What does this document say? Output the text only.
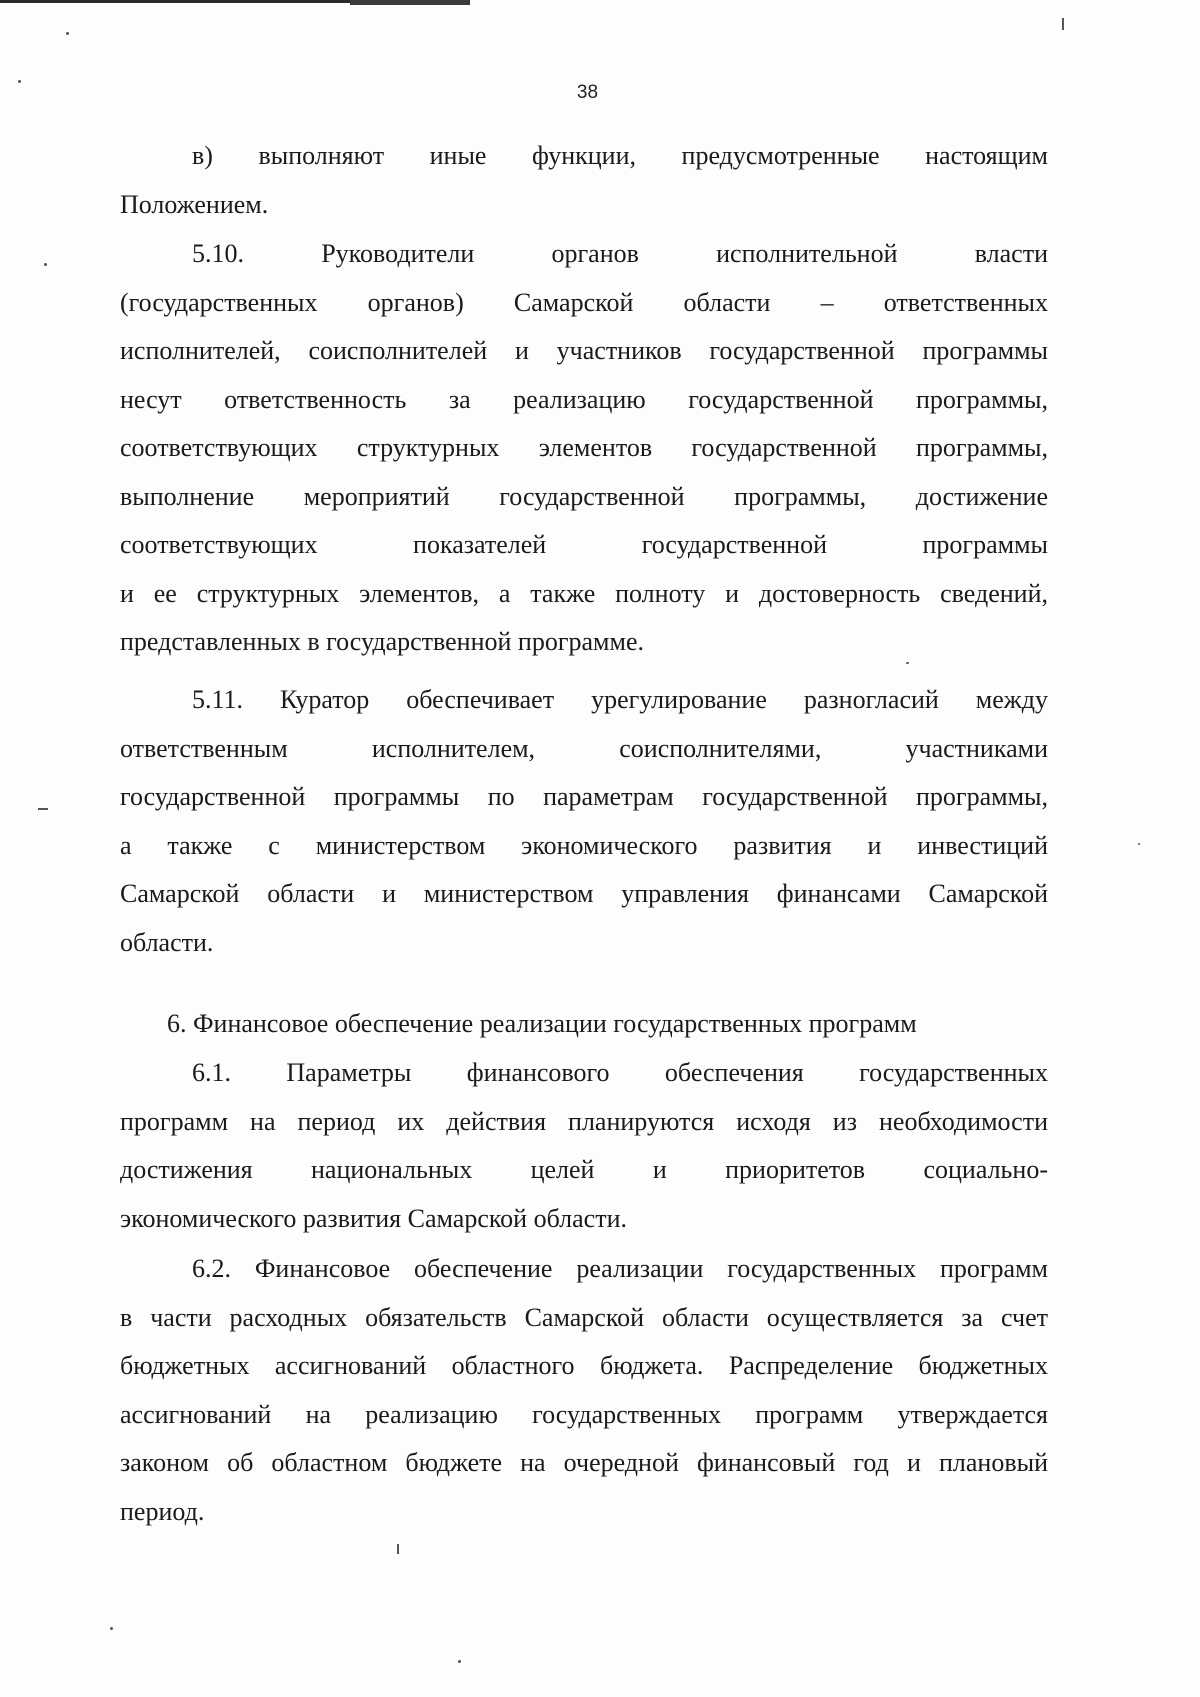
38
в) выполняют иные функции, предусмотренные настоящим
Положением.
5.10. Руководители органов исполнительной власти
(государственных органов) Самарской области – ответственных
исполнителей, соисполнителей и участников государственной программы
несут ответственность за реализацию государственной программы,
соответствующих структурных элементов государственной программы,
выполнение мероприятий государственной программы, достижение
соответствующих показателей государственной программы
и ее структурных элементов, а также полноту и достоверность сведений,
представленных в государственной программе.
5.11. Куратор обеспечивает урегулирование разногласий между
ответственным исполнителем, соисполнителями, участниками
государственной программы по параметрам государственной программы,
а также с министерством экономического развития и инвестиций
Самарской области и министерством управления финансами Самарской
области.
6. Финансовое обеспечение реализации государственных программ
6.1. Параметры финансового обеспечения государственных
программ на период их действия планируются исходя из необходимости
достижения национальных целей и приоритетов социально-
экономического развития Самарской области.
6.2. Финансовое обеспечение реализации государственных программ
в части расходных обязательств Самарской области осуществляется за счет
бюджетных ассигнований областного бюджета. Распределение бюджетных
ассигнований на реализацию государственных программ утверждается
законом об областном бюджете на очередной финансовый год и плановый
период.
